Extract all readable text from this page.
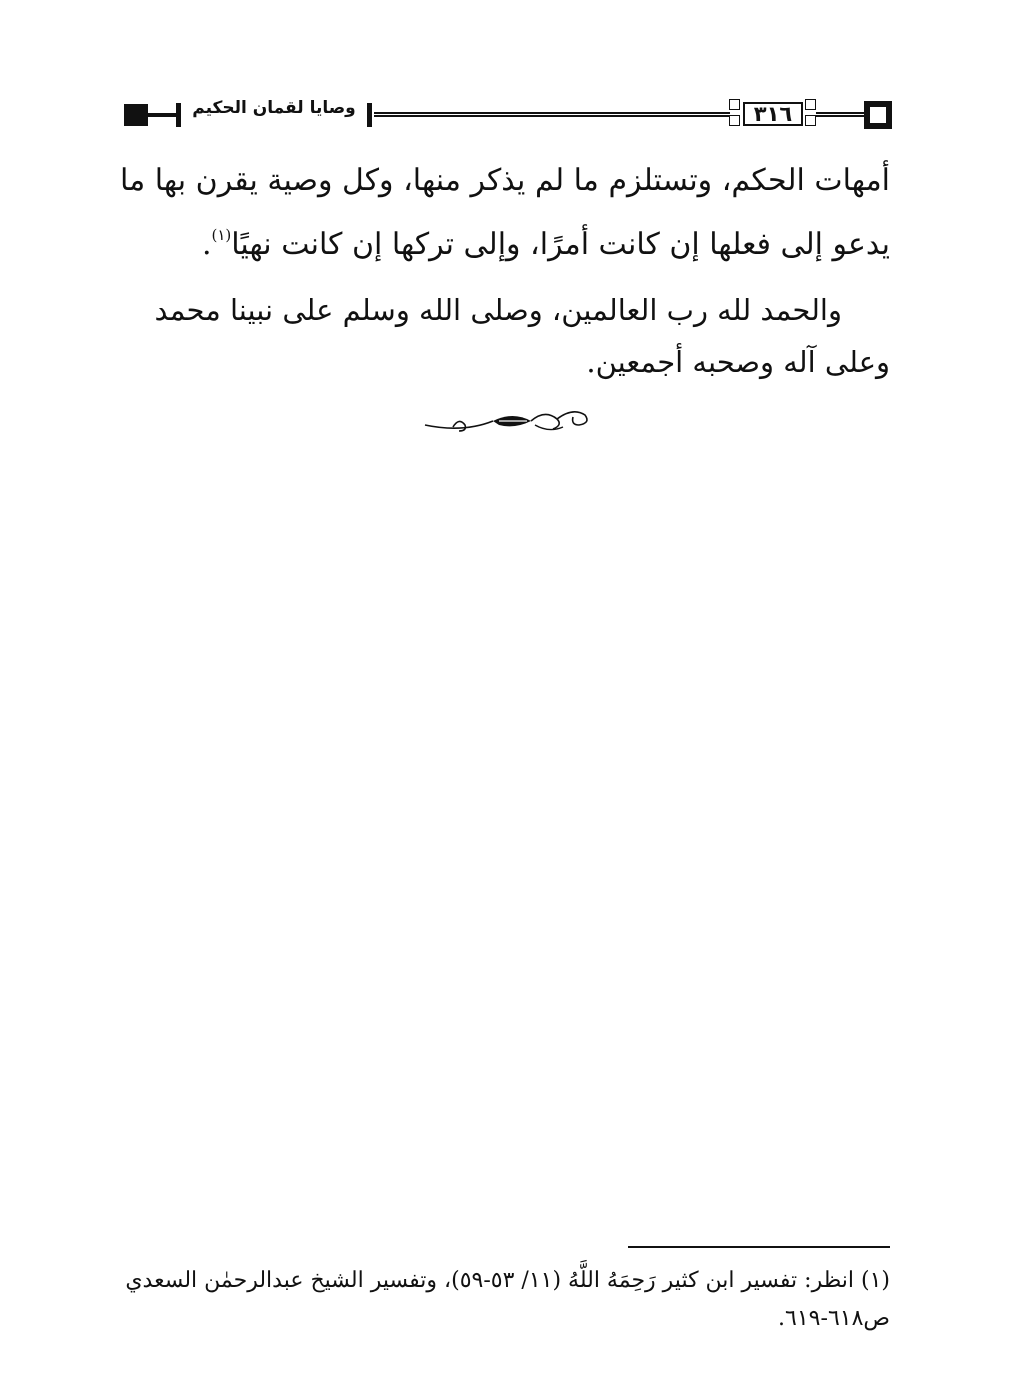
وصايا لقمان الحكيم	٣١٦

أمهات الحكم، وتستلزم ما لم يذكر منها، وكل وصية يقرن بها ما يدعو إلى فعلها إن كانت أمرًا، وإلى تركها إن كانت نهيًا$^{(١)}$.

والحمد لله رب العالمين، وصلى الله وسلم على نبينا محمد وعلى آله وصحبه أجمعين.

(١) انظر: تفسير ابن كثير رَحِمَهُ اللَّهُ (١١/ ٥٣-٥٩)، وتفسير الشيخ عبدالرحمٰن السعدي ص٦١٨-٦١٩.
